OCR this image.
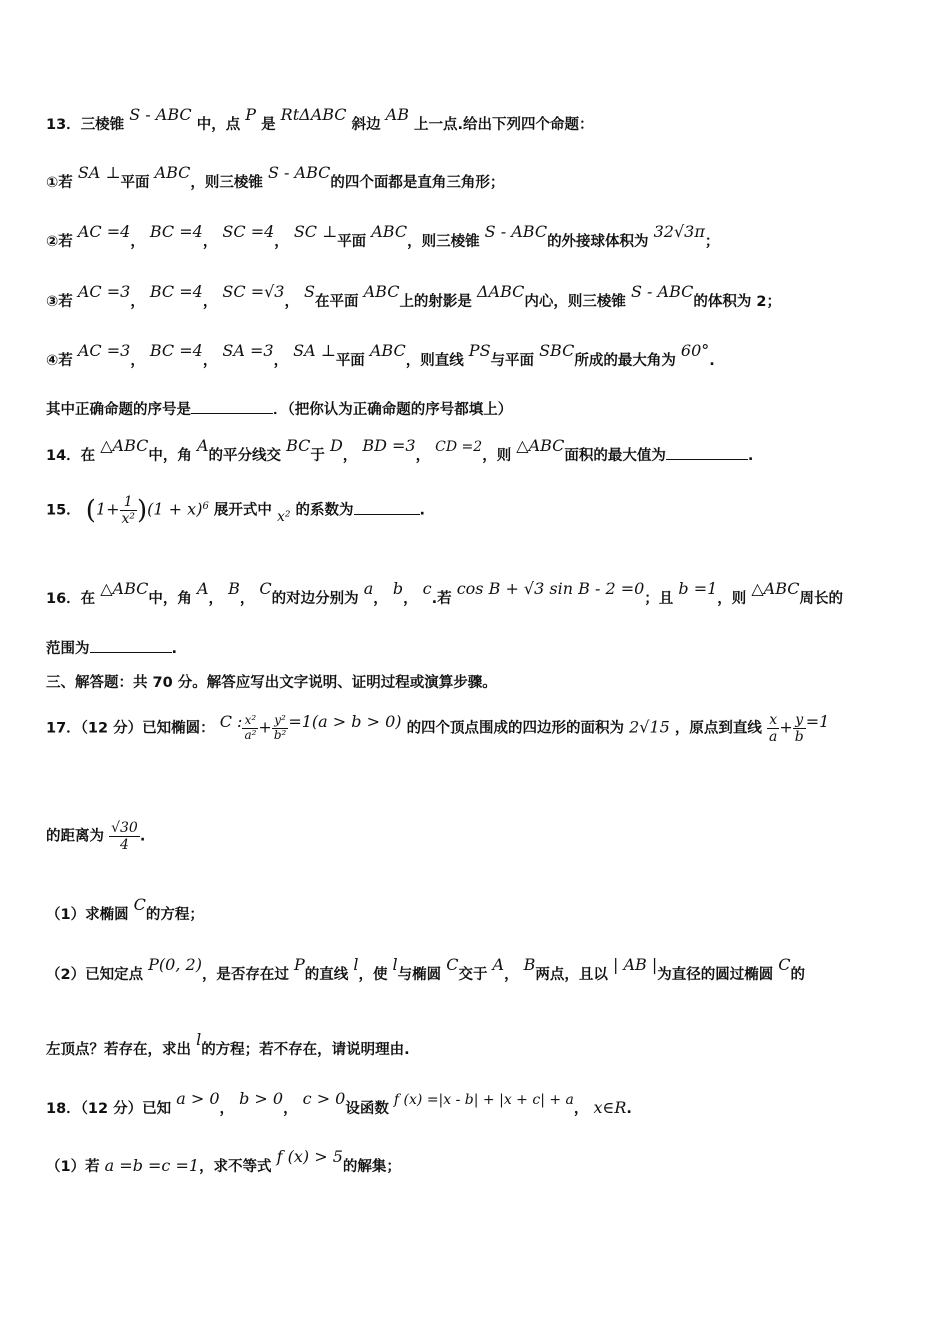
13．三棱锥 S - ABC 中，点 P 是 RtΔABC 斜边 AB 上一点.给出下列四个命题：
①若 SA ⊥平面 ABC，则三棱锥 S - ABC的四个面都是直角三角形；
②若 AC =4， BC =4， SC =4， SC ⊥平面 ABC，则三棱锥 S - ABC的外接球体积为 32√3π；
③若 AC =3， BC =4， SC =√3， S在平面 ABC上的射影是 ΔABC内心，则三棱锥 S - ABC的体积为 2；
④若 AC =3， BC =4， SA =3， SA ⊥平面 ABC，则直线 PS与平面 SBC所成的最大角为 60°.
其中正确命题的序号是	．（把你认为正确命题的序号都填上）
14．在 △ABC中，角 A的平分线交 BC于 D， BD =3， CD =2，则 △ABC面积的最大值为	.
15． $(1+ \frac{1}{\text{x²}} )(1 + x)^6$ 展开式中 x² 的系数为	.
16．在 △ABC中，角 A， B， C的对边分别为 a， b， c.若 cos B + √3 sin B - 2 =0；且 b =1，则 △ABC周长的
范围为	.
三、解答题：共 70 分。解答应写出文字说明、证明过程或演算步骤。
17．（12 分）已知椭圆： C : $\frac{\text{x²}}{\text{a²}} + \frac{\text{y²}}{\text{b²}} =1(a > b > 0)$ 的四个顶点围成的四边形的面积为 2√15 ，原点到直线 $\frac{x}{a} + \frac{y}{b} =1$
的距离为 $\frac{√30}{4}$ .
（1）求椭圆 C的方程；
（2）已知定点 P(0, 2)，是否存在过 P的直线 l，使 l与椭圆 C交于 A， B两点，且以 | AB |为直径的圆过椭圆 C的
左顶点？若存在，求出 l的方程；若不存在，请说明理由.
18．（12 分）已知 a > 0， b > 0， c > 0设函数 f (x) =|x - b| + |x + c| + a， x∈R.
（1）若 a =b =c =1，求不等式 f (x) > 5的解集；
